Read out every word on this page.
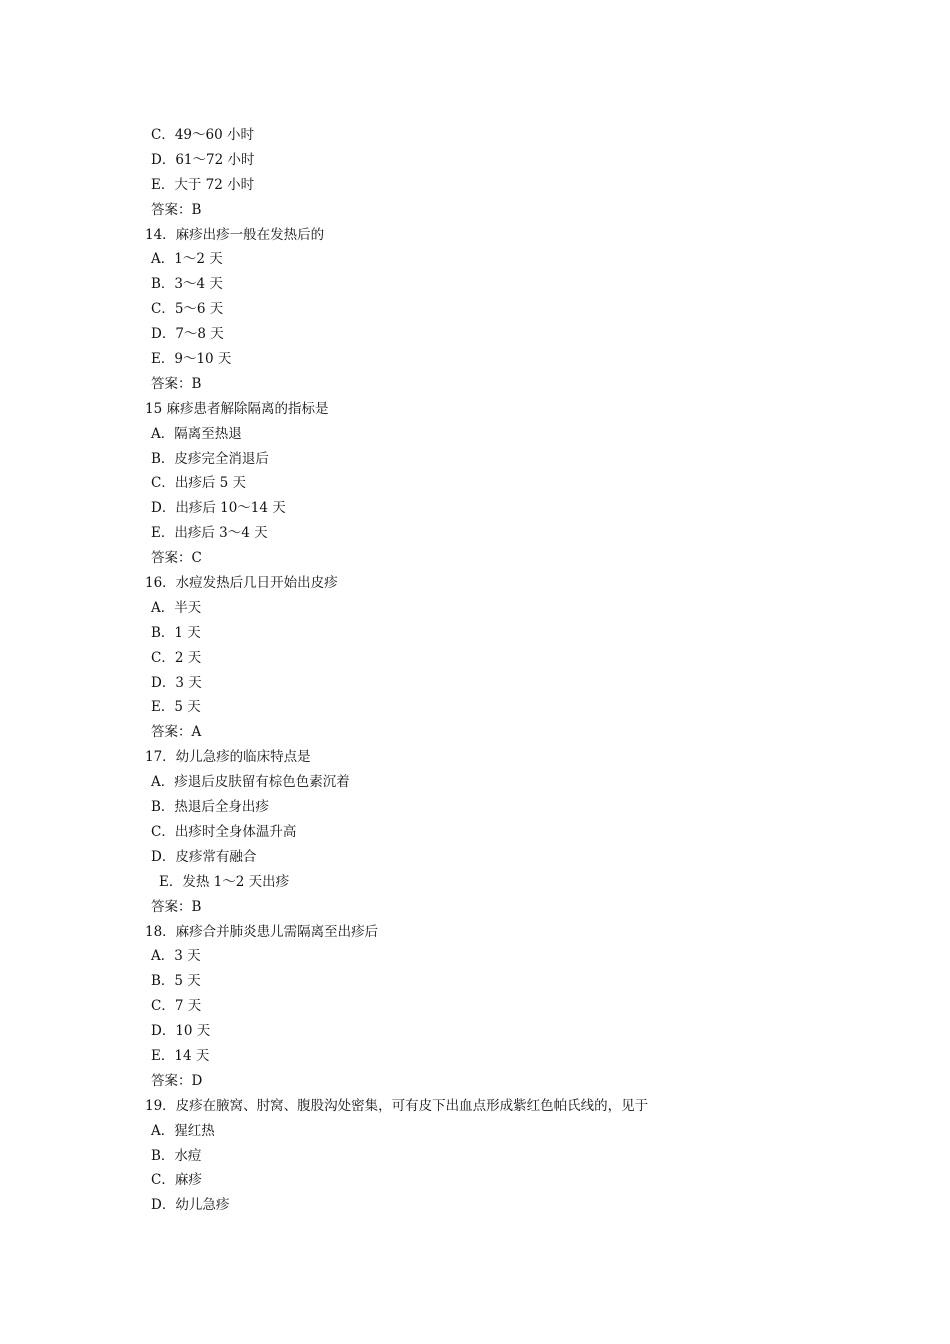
C．49～60 小时
D．61～72 小时
E．大于 72 小时
答案：B
14．麻疹出疹一般在发热后的
A．1～2 天
B．3～4 天
C．5～6 天
D．7～8 天
E．9～10 天
答案：B
15 麻疹患者解除隔离的指标是
A．隔离至热退
B．皮疹完全消退后
C．出疹后 5 天
D．出疹后 10～14 天
E．出疹后 3～4 天
答案：C
16．水痘发热后几日开始出皮疹
A．半天
B．1 天
C．2 天
D．3 天
E．5 天
答案：A
17．幼儿急疹的临床特点是
A．疹退后皮肤留有棕色色素沉着
B．热退后全身出疹
C．出疹时全身体温升高
D．皮疹常有融合
E．发热 1～2 天出疹
答案：B
18．麻疹合并肺炎患儿需隔离至出疹后
A．3 天
B．5 天
C．7 天
D．10 天
E．14 天
答案：D
19．皮疹在腋窝、肘窝、腹股沟处密集，可有皮下出血点形成紫红色帕氏线的，见于
A．猩红热
B．水痘
C．麻疹
D．幼儿急疹
